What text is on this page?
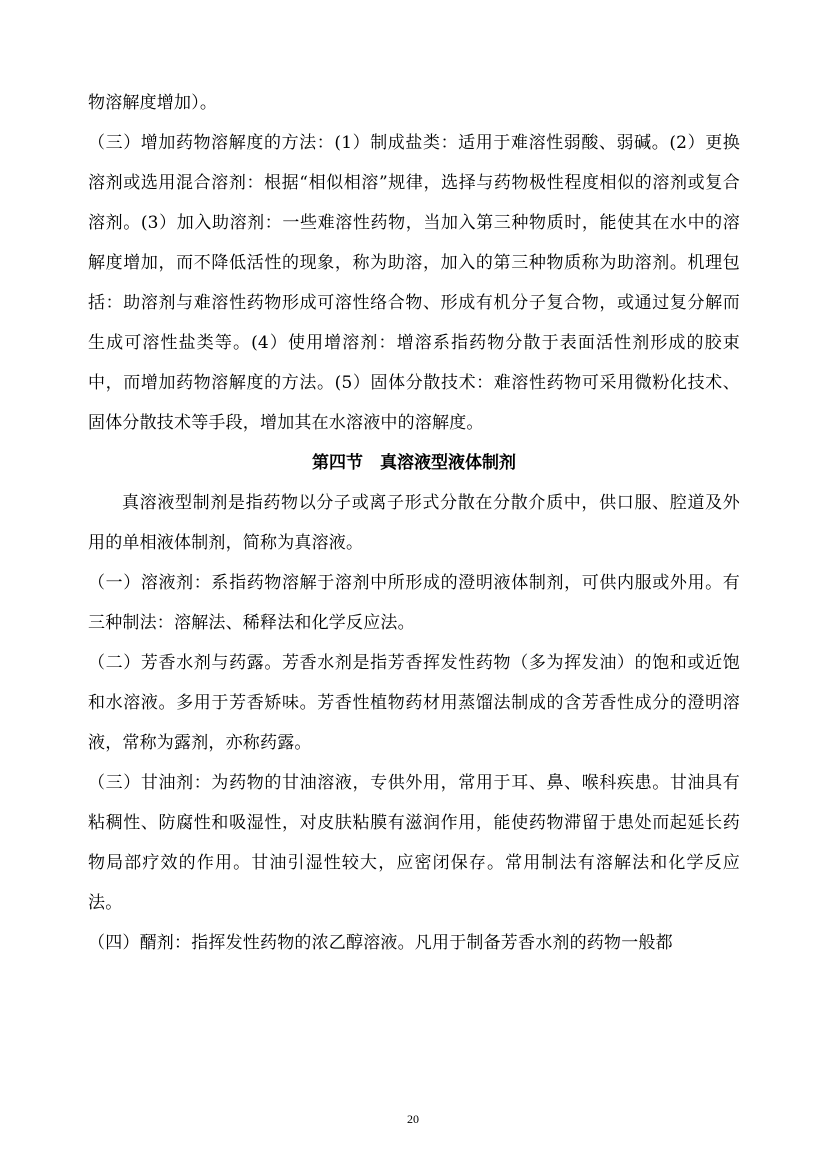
物溶解度增加）。

（三）增加药物溶解度的方法：(1）制成盐类：适用于难溶性弱酸、弱碱。(2）更换溶剂或选用混合溶剂：根据“相似相溶”规律，选择与药物极性程度相似的溶剂或复合溶剂。(3）加入助溶剂：一些难溶性药物，当加入第三种物质时，能使其在水中的溶解度增加，而不降低活性的现象，称为助溶，加入的第三种物质称为助溶剂。机理包括：助溶剂与难溶性药物形成可溶性络合物、形成有机分子复合物，或通过复分解而生成可溶性盐类等。(4）使用增溶剂：增溶系指药物分散于表面活性剂形成的胶束中，而增加药物溶解度的方法。(5）固体分散技术：难溶性药物可采用微粉化技术、固体分散技术等手段，增加其在水溶液中的溶解度。

第四节　真溶液型液体制剂

真溶液型制剂是指药物以分子或离子形式分散在分散介质中，供口服、腔道及外用的单相液体制剂，简称为真溶液。

（一）溶液剂：系指药物溶解于溶剂中所形成的澄明液体制剂，可供内服或外用。有三种制法：溶解法、稀释法和化学反应法。

（二）芳香水剂与药露。芳香水剂是指芳香挥发性药物（多为挥发油）的饱和或近饱和水溶液。多用于芳香矫味。芳香性植物药材用蒸馏法制成的含芳香性成分的澄明溶液，常称为露剂，亦称药露。

（三）甘油剂：为药物的甘油溶液，专供外用，常用于耳、鼻、喉科疾患。甘油具有粘稠性、防腐性和吸湿性，对皮肤粘膜有滋润作用，能使药物滞留于患处而起延长药物局部疗效的作用。甘油引湿性较大，应密闭保存。常用制法有溶解法和化学反应法。

（四）醑剂：指挥发性药物的浓乙醇溶液。凡用于制备芳香水剂的药物一般都

20
